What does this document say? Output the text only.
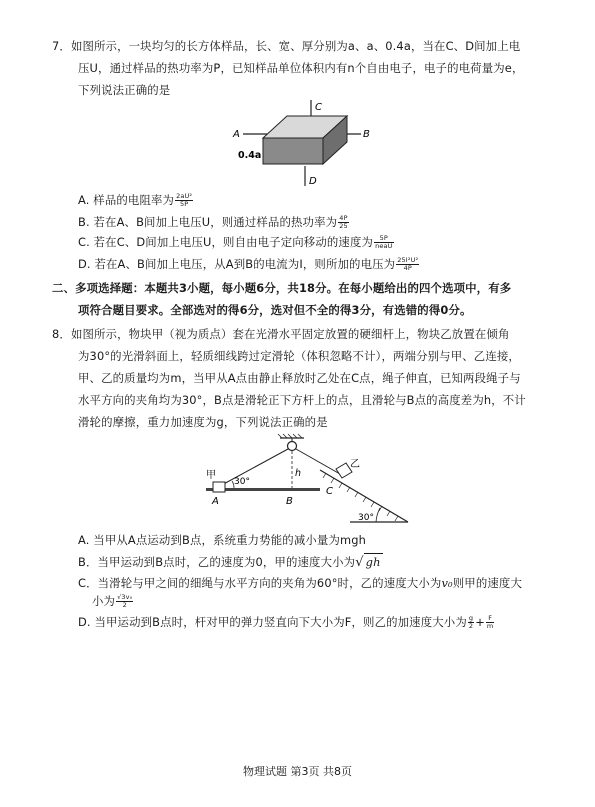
7．如图所示，一块均匀的长方体样品，长、宽、厚分别为a、a、0.4a，当在C、D间加上电
压U，通过样品的热功率为P，已知样品单位体积内有n个自由电子，电子的电荷量为e，
下列说法正确的是
C
D
A	B
0.4a
A. 样品的电阻率为 $\frac{\text{2aU²}}{5P}$
B. 若在A、B间加上电压U，则通过样品的热功率为 $\frac{4P}{25}$
C. 若在C、D间加上电压U，则自由电子定向移动的速度为 $\frac{5P}{\text{neaU}}$
D. 若在A、B间加上电压，从A到B的电流为I，则所加的电压为 $\frac{\text{25I²U²}}{4P}$
二、多项选择题：本题共3小题，每小题6分，共18分。在每小题给出的四个选项中，有多
项符合题目要求。全部选对的得6分，选对但不全的得3分，有选错的得0分。
8．如图所示，物块甲（视为质点）套在光滑水平固定放置的硬细杆上，物块乙放置在倾角
为30°的光滑斜面上，轻质细线跨过定滑轮（体积忽略不计），两端分别与甲、乙连接，
甲、乙的质量均为m，当甲从A点由静止释放时乙处在C点，绳子伸直，已知两段绳子与
水平方向的夹角均为30°，B点是滑轮正下方杆上的点，且滑轮与B点的高度差为h，不计
滑轮的摩擦，重力加速度为g，下列说法正确的是
甲
A	B
C
乙
h
30°
30°
A. 当甲从A点运动到B点，系统重力势能的减小量为mgh
B．当甲运动到B点时，乙的速度为0，甲的速度大小为√ gh
C．当滑轮与甲之间的细绳与水平方向的夹角为60°时，乙的速度大小为v₀则甲的速度大
小为 $\frac{\text{√3v₀}}{2}$
D. 当甲运动到B点时，杆对甲的弹力竖直向下大小为F，则乙的加速度大小为 $\frac{g}{2} + \frac{F}{m}$
物理试题 第3页 共8页
